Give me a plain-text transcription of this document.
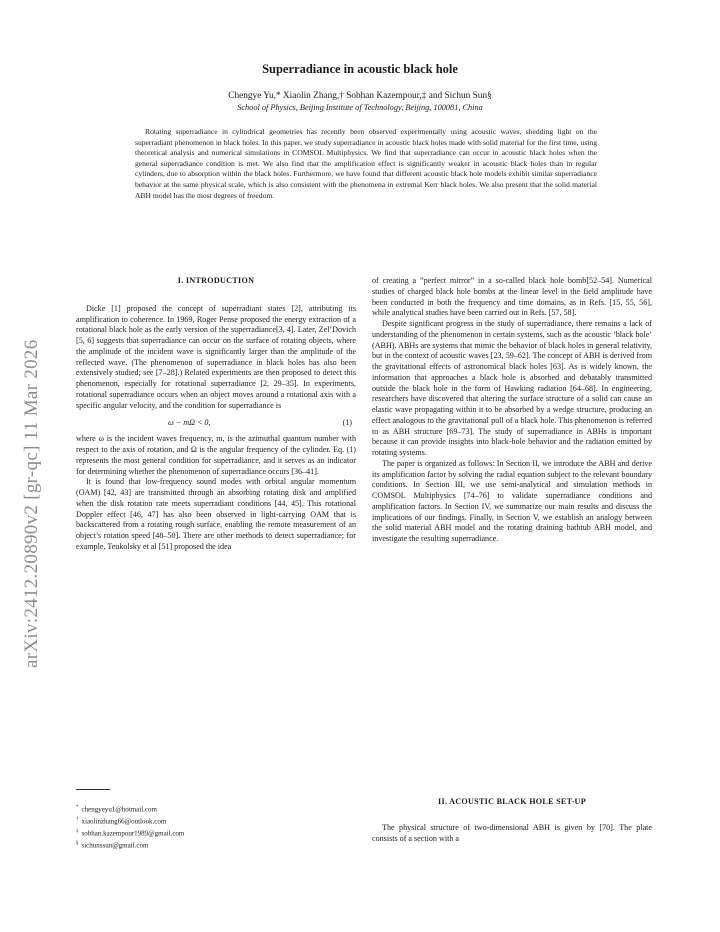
arXiv:2412.20890v2 [gr-qc] 11 Mar 2026
Superradiance in acoustic black hole
Chengye Yu,* Xiaolin Zhang,† Sobhan Kazempour,‡ and Sichun Sun§
School of Physics, Beijing Institute of Technology, Beijing, 100081, China

Rotating superradiance in cylindrical geometries has recently been observed experimentally using acoustic waves, shedding light on the superradiant phenomenon in black holes. In this paper, we study superradiance in acoustic black holes made with solid material for the first time, using theoretical analysis and numerical simulations in COMSOL Multiphysics. We find that superradiance can occur in acoustic black holes when the general superradiance condition is met. We also find that the amplification effect is significantly weaker in acoustic black holes than in regular cylinders, due to absorption within the black holes. Furthermore, we have found that different acoustic black hole models exhibit similar superradiance behavior at the same physical scale, which is also consistent with the phenomena in extremal Kerr black holes. We also present that the solid material ABH model has the most degrees of freedom.

I. INTRODUCTION

Dicke [1] proposed the concept of superradiant states [2], attributing its amplification to coherence. In 1969, Roger Pense proposed the energy extraction of a rotational black hole as the early version of the superradiance[3, 4]. Later, Zel’Dovich [5, 6] suggests that superradiance can occur on the surface of rotating objects, where the amplitude of the incident wave is significantly larger than the amplitude of the reflected wave. (The phenomenon of superradiance in black holes has also been extensively studied; see [7–28].) Related experiments are then proposed to detect this phenomenon, especially for rotational superradiance [2, 29–35]. In experiments, rotational superradiance occurs when an object moves around a rotational axis with a specific angular velocity, and the condition for superradiance is

ω − mΩ < 0,	(1)

where ω is the incident waves frequency, m, is the azimuthal quantum number with respect to the axis of rotation, and Ω is the angular frequency of the cylinder. Eq. (1) represents the most general condition for superradiance, and it serves as an indicator for determining whether the phenomenon of superradiance occurs [36–41].

It is found that low-frequency sound modes with orbital angular momentum (OAM) [42, 43] are transmitted through an absorbing rotating disk and amplified when the disk rotation rate meets superradiant conditions [44, 45]. This rotational Doppler effect [46, 47] has also been observed in light-carrying OAM that is backscattered from a rotating rough surface, enabling the remote measurement of an object’s rotation speed [48–50]. There are other methods to detect superradiance; for example, Teukolsky et al [51] proposed the idea

of creating a ”perfect mirror” in a so-called black hole bomb[52–54]. Numerical studies of charged black hole bombs at the linear level in the field amplitude have been conducted in both the frequency and time domains, as in Refs. [15, 55, 56], while analytical studies have been carried out in Refs. [57, 58].

Despite significant progress in the study of superradiance, there remains a lack of understanding of the phenomenon in certain systems, such as the acoustic ‘black hole’ (ABH). ABHs are systems that mimic the behavior of black holes in general relativity, but in the context of acoustic waves [23, 59–62]. The concept of ABH is derived from the gravitational effects of astronomical black holes [63]. As is widely known, the information that approaches a black hole is absorbed and debatably transmitted outside the black hole in the form of Hawking radiation [64–68]. In engineering, researchers have discovered that altering the surface structure of a solid can cause an elastic wave propagating within it to be absorbed by a wedge structure, producing an effect analogous to the gravitational pull of a black hole. This phenomenon is referred to as ABH structure [69–73]. The study of superradiance in ABHs is important because it can provide insights into black-hole behavior and the radiation emitted by rotating systems.

The paper is organized as follows: In Section II, we introduce the ABH and derive its amplification factor by solving the radial equation subject to the relevant boundary conditions. In Section III, we use semi-analytical and simulation methods in COMSOL Multiphysics [74–76] to validate superradiance conditions and amplification factors. In Section IV, we summarize our main results and discuss the implications of our findings. Finally, in Section V, we establish an analogy between the solid material ABH model and the rotating draining bathtub ABH model, and investigate the resulting superradiance.

II. ACOUSTIC BLACK HOLE SET-UP

The physical structure of two-dimensional ABH is given by [70]. The plate consists of a section with a

* chengyeyu1@hotmail.com
† xiaolinzhang66@outlook.com
‡ sobhan.kazempour1989@gmail.com
§ sichunssun@gmail.com
